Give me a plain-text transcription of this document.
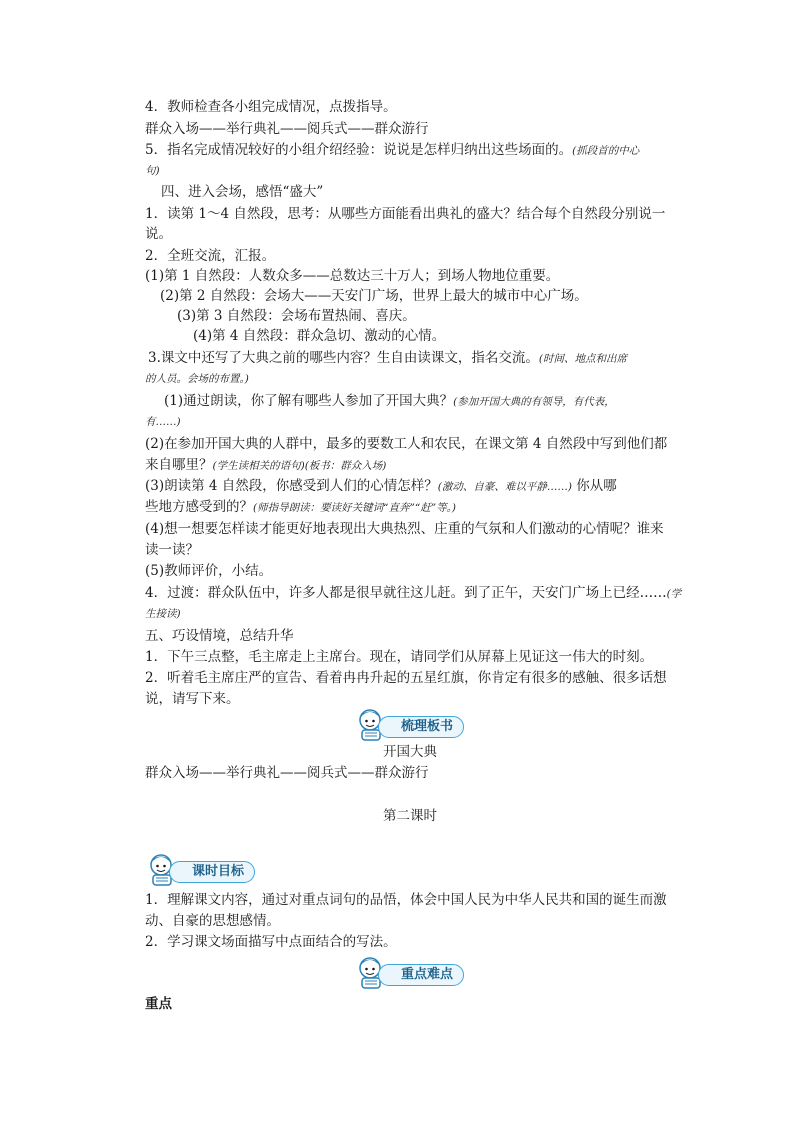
4．教师检查各小组完成情况，点拨指导。
群众入场——举行典礼——阅兵式——群众游行
5．指名完成情况较好的小组介绍经验：说说是怎样归纳出这些场面的。(抓段首的中心
句)
四、进入会场，感悟“盛大”
1．读第 1～4 自然段，思考：从哪些方面能看出典礼的盛大？结合每个自然段分别说一
说。
2．全班交流，汇报。
(1)第 1 自然段：人数众多——总数达三十万人；到场人物地位重要。
(2)第 2 自然段：会场大——天安门广场，世界上最大的城市中心广场。
(3)第 3 自然段：会场布置热闹、喜庆。
(4)第 4 自然段：群众急切、激动的心情。
3.课文中还写了大典之前的哪些内容？生自由读课文，指名交流。(时间、地点和出席
的人员。会场的布置。)
(1)通过朗读，你了解有哪些人参加了开国大典？(参加开国大典的有领导，有代表，
有……)
(2)在参加开国大典的人群中，最多的要数工人和农民，在课文第 4 自然段中写到他们都
来自哪里？(学生读相关的语句)(板书：群众入场)
(3)朗读第 4 自然段，你感受到人们的心情怎样？(激动、自豪、难以平静……) 你从哪
些地方感受到的？(师指导朗读：要读好关键词“直奔”“赶”等。)
(4)想一想要怎样读才能更好地表现出大典热烈、庄重的气氛和人们激动的心情呢？谁来
读一读？
(5)教师评价，小结。
4．过渡：群众队伍中，许多人都是很早就往这儿赶。到了正午，天安门广场上已经……(学
生接读)
五、巧设情境，总结升华
1．下午三点整，毛主席走上主席台。现在，请同学们从屏幕上见证这一伟大的时刻。
2．听着毛主席庄严的宣告、看着冉冉升起的五星红旗，你肯定有很多的感触、很多话想
说，请写下来。
梳理板书
开国大典
群众入场——举行典礼——阅兵式——群众游行
第二课时
课时目标
1．理解课文内容，通过对重点词句的品悟，体会中国人民为中华人民共和国的诞生而激
动、自豪的思想感情。
2．学习课文场面描写中点面结合的写法。
重点难点
重点
